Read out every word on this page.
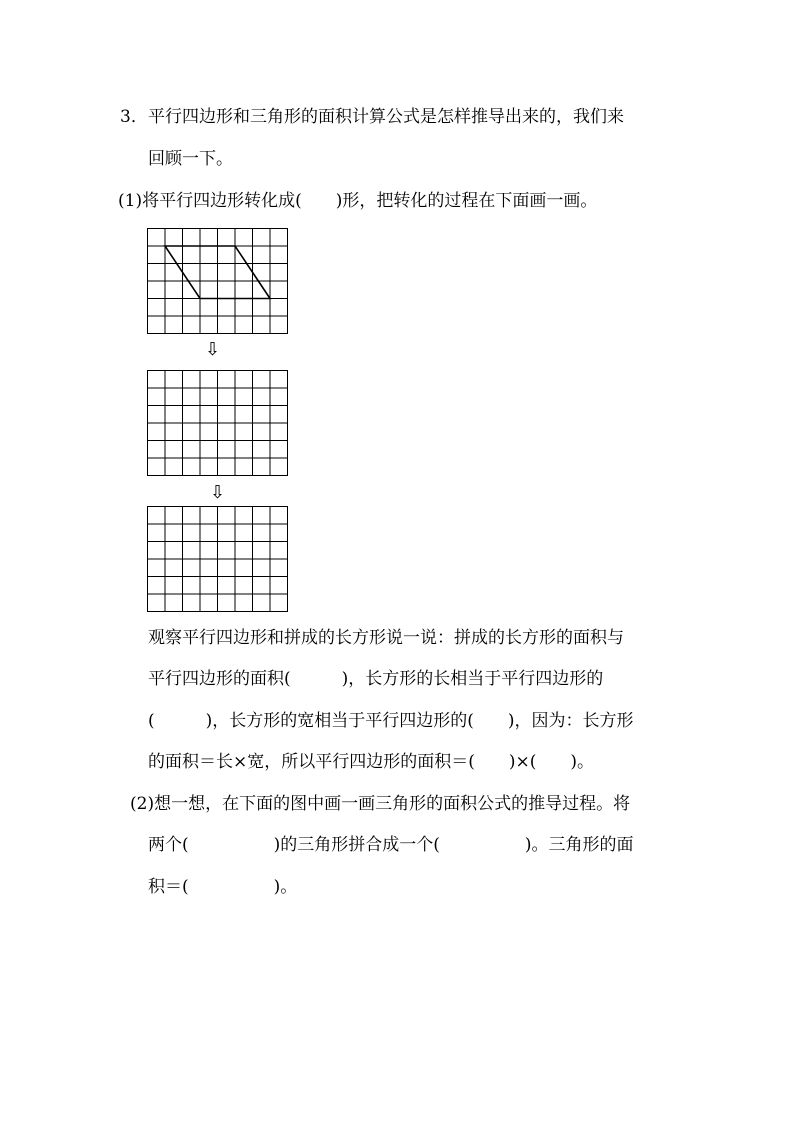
3． 平行四边形和三角形的面积计算公式是怎样推导出来的，我们来
回顾一下。
(1)将平行四边形转化成(　　)形，把转化的过程在下面画一画。
⇩
⇩
观察平行四边形和拼成的长方形说一说：拼成的长方形的面积与
平行四边形的面积(　　　)，长方形的长相当于平行四边形的
(　　　)，长方形的宽相当于平行四边形的(　　)，因为：长方形
的面积＝长×宽，所以平行四边形的面积＝(　　)×(　　)。
(2)想一想，在下面的图中画一画三角形的面积公式的推导过程。将
两个(　　　　　)的三角形拼合成一个(　　　　　)。三角形的面
积＝(　　　　　)。
